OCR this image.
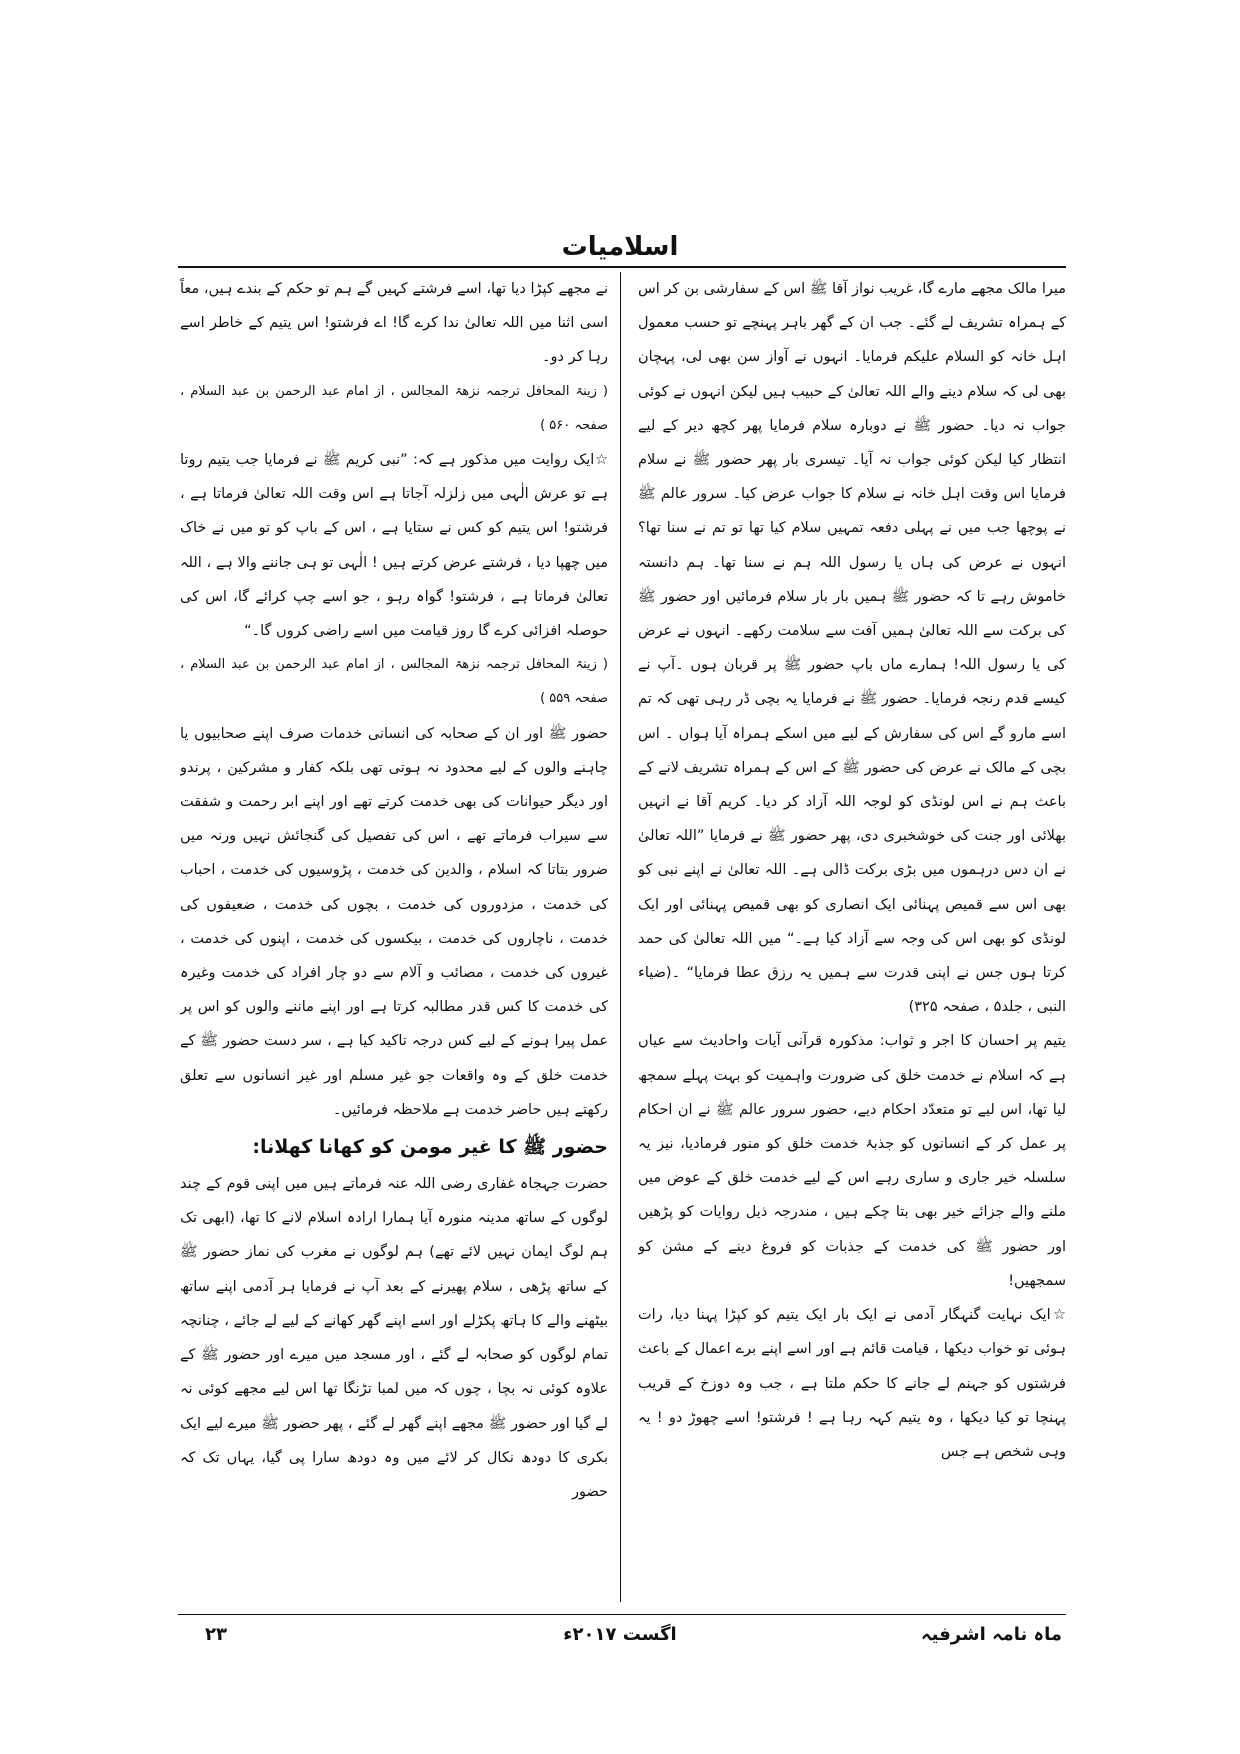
اسلامیات

میرا مالک مجھے مارے گا، غریب نواز آقا ﷺ اس کے سفارشی بن کر اس کے ہمراہ تشریف لے گئے۔ جب ان کے گھر باہر پہنچے تو حسب معمول اہل خانہ کو السلام علیکم فرمایا۔ انہوں نے آواز سن بھی لی، پہچان بھی لی کہ سلام دینے والے اللہ تعالیٰ کے حبیب ہیں لیکن انہوں نے کوئی جواب نہ دیا۔ حضور ﷺ نے دوبارہ سلام فرمایا پھر کچھ دیر کے لیے انتظار کیا لیکن کوئی جواب نہ آیا۔ تیسری بار پھر حضور ﷺ نے سلام فرمایا اس وقت اہل خانہ نے سلام کا جواب عرض کیا۔ سرور عالم ﷺ نے پوچھا جب میں نے پہلی دفعہ تمہیں سلام کیا تھا تو تم نے سنا تھا؟ انہوں نے عرض کی ہاں یا رسول اللہ ہم نے سنا تھا۔ ہم دانستہ خاموش رہے تا کہ حضور ﷺ ہمیں بار بار سلام فرمائیں اور حضور ﷺ کی برکت سے اللہ تعالیٰ ہمیں آفت سے سلامت رکھے۔ انہوں نے عرض کی یا رسول اللہ! ہمارے ماں باپ حضور ﷺ پر قربان ہوں ۔آپ نے کیسے قدم رنجہ فرمایا۔ حضور ﷺ نے فرمایا یہ بچی ڈر رہی تھی کہ تم اسے مارو گے اس کی سفارش کے لیے میں اسکے ہمراہ آیا ہواں ۔ اس بچی کے مالک نے عرض کی حضور ﷺ کے اس کے ہمراہ تشریف لانے کے باعث ہم نے اس لونڈی کو لوجہ اللہ آزاد کر دیا۔ کریم آقا نے انہیں بھلائی اور جنت کی خوشخبری دی، پھر حضور ﷺ نے فرمایا ”اللہ تعالیٰ نے ان دس درہموں میں بڑی برکت ڈالی ہے۔ اللہ تعالیٰ نے اپنے نبی کو بھی اس سے قمیص پہنائی ایک انصاری کو بھی قمیص پہنائی اور ایک لونڈی کو بھی اس کی وجہ سے آزاد کیا ہے۔“ میں اللہ تعالیٰ کی حمد کرتا ہوں جس نے اپنی قدرت سے ہمیں یہ رزق عطا فرمایا“ ۔(ضیاء النبی ، جلد۵ ، صفحہ ۳۲۵)

یتیم پر احسان کا اجر و ثواب: مذکورہ قرآنی آیات واحادیث سے عیاں ہے کہ اسلام نے خدمت خلق کی ضرورت واہمیت کو بہت پہلے سمجھ لیا تھا، اس لیے تو متعدّد احکام دیے، حضور سرور عالم ﷺ نے ان احکام پر عمل کر کے انسانوں کو جذبۂ خدمت خلق کو منور فرمادیا، نیز یہ سلسلہ خیر جاری و ساری رہے اس کے لیے خدمت خلق کے عوض میں ملنے والے جزائے خیر بھی بتا چکے ہیں ، مندرجہ ذیل روایات کو پڑھیں اور حضور ﷺ کی خدمت کے جذبات کو فروغ دینے کے مشن کو سمجھیں!

☆ایک نہایت گنہگار آدمی نے ایک بار ایک یتیم کو کپڑا پہنا دیا، رات ہوئی تو خواب دیکھا ، قیامت قائم ہے اور اسے اپنے برے اعمال کے باعث فرشتوں کو جہنم لے جانے کا حکم ملتا ہے ، جب وہ دوزخ کے قریب پہنچا تو کیا دیکھا ، وہ یتیم کہہ رہا ہے ! فرشتو! اسے چھوڑ دو ! یہ وہی شخص ہے جس

نے مجھے کپڑا دیا تھا، اسے فرشتے کہیں گے ہم تو حکم کے بندے ہیں، معاً اسی اثنا میں اللہ تعالیٰ ندا کرے گا! اے فرشتو! اس یتیم کے خاطر اسے رہا کر دو۔

( زینۃ المحافل ترجمہ نزھۃ المجالس ، از امام عبد الرحمن بن عبد السلام ، صفحہ ۵۶۰ )

☆ایک روایت میں مذکور ہے کہ: ”نبی کریم ﷺ نے فرمایا جب یتیم روتا ہے تو عرش الٰہی میں زلزلہ آجاتا ہے اس وقت اللہ تعالیٰ فرماتا ہے ، فرشتو! اس یتیم کو کس نے ستایا ہے ، اس کے باپ کو تو میں نے خاک میں چھپا دیا ، فرشتے عرض کرتے ہیں ! الٰہی تو ہی جاننے والا ہے ، اللہ تعالیٰ فرماتا ہے ، فرشتو! گواہ رہو ، جو اسے چپ کرائے گا، اس کی حوصلہ افزائی کرے گا روز قیامت میں اسے راضی کروں گا۔“

( زینۃ المحافل ترجمہ نزھۃ المجالس ، از امام عبد الرحمن بن عبد السلام ، صفحہ ۵۵۹ )

حضور ﷺ اور ان کے صحابہ کی انسانی خدمات صرف اپنے صحابیوں یا چاہنے والوں کے لیے محدود نہ ہوتی تھی بلکہ کفار و مشرکین ، پرندو اور دیگر حیوانات کی بھی خدمت کرتے تھے اور اپنے ابر رحمت و شفقت سے سیراب فرماتے تھے ، اس کی تفصیل کی گنجائش نہیں ورنہ میں ضرور بتاتا کہ اسلام ، والدین کی خدمت ، پڑوسیوں کی خدمت ، احباب کی خدمت ، مزدوروں کی خدمت ، بچوں کی خدمت ، ضعیفوں کی خدمت ، ناچاروں کی خدمت ، بیکسوں کی خدمت ، اپنوں کی خدمت ، غیروں کی خدمت ، مصائب و آلام سے دو چار افراد کی خدمت وغیرہ کی خدمت کا کس قدر مطالبہ کرتا ہے اور اپنے ماننے والوں کو اس پر عمل پیرا ہونے کے لیے کس درجہ تاکید کیا ہے ، سر دست حضور ﷺ کے خدمت خلق کے وہ واقعات جو غیر مسلم اور غیر انسانوں سے تعلق رکھتے ہیں حاضر خدمت ہے ملاحظہ فرمائیں۔

حضور ﷺ کا غیر مومن کو کھانا کھلانا:

حضرت جہجاہ غفاری رضی اللہ عنہ فرماتے ہیں میں اپنی قوم کے چند لوگوں کے ساتھ مدینہ منورہ آیا ہمارا ارادہ اسلام لانے کا تھا، (ابھی تک ہم لوگ ایمان نہیں لائے تھے) ہم لوگوں نے مغرب کی نماز حضور ﷺ کے ساتھ پڑھی ، سلام پھیرنے کے بعد آپ نے فرمایا ہر آدمی اپنے ساتھ بیٹھنے والے کا ہاتھ پکڑلے اور اسے اپنے گھر کھانے کے لیے لے جائے ، چنانچہ تمام لوگوں کو صحابہ لے گئے ، اور مسجد میں میرے اور حضور ﷺ کے علاوہ کوئی نہ بچا ، چوں کہ میں لمبا تڑنگا تھا اس لیے مجھے کوئی نہ لے گیا اور حضور ﷺ مجھے اپنے گھر لے گئے ، پھر حضور ﷺ میرے لیے ایک بکری کا دودھ نکال کر لائے میں وہ دودھ سارا پی گیا، یہاں تک کہ حضور

ماہ نامہ اشرفیہ
اگست ۲۰۱۷ء
۲۳
